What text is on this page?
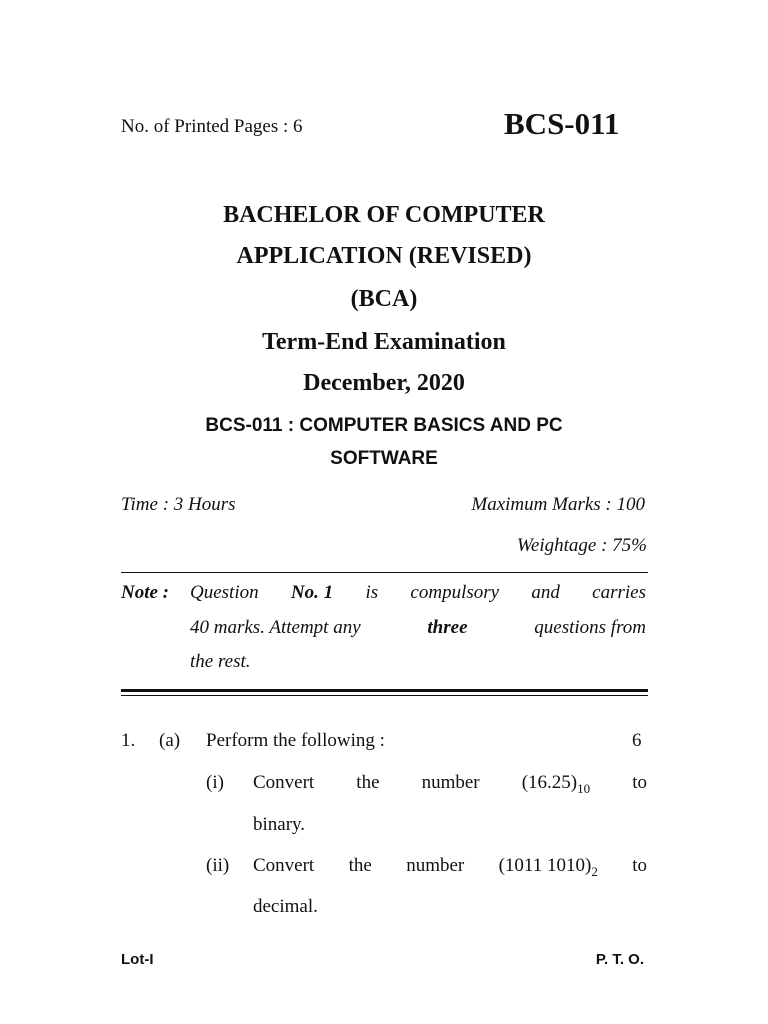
No. of Printed Pages : 6	BCS-011
BACHELOR OF COMPUTER
APPLICATION (REVISED)
(BCA)
Term-End Examination
December, 2020
BCS-011 : COMPUTER BASICS AND PC
SOFTWARE
Time : 3 Hours	Maximum Marks : 100
Weightage : 75%
Note : Question No. 1 is compulsory and carries
40 marks. Attempt any	three	questions from
the rest.
1. (a) Perform the following :	6
(i) Convert the number $(16.25)_{10}$ to
binary.
(ii) Convert the number (1011 $1010)_2$ to
decimal.
Lot-I	P. T. O.
